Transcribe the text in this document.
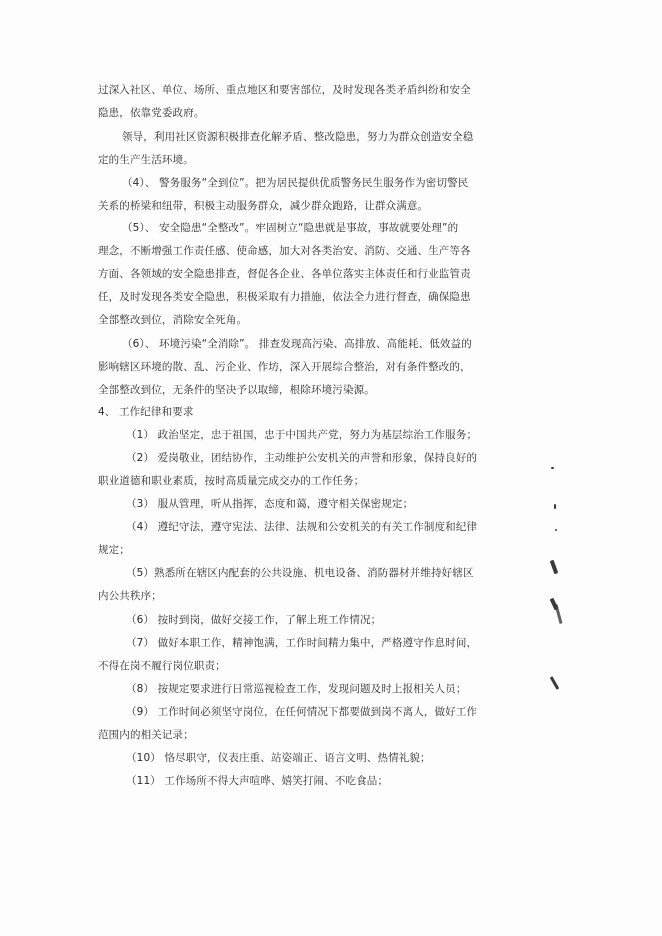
过深入社区、单位、场所、重点地区和要害部位，及时发现各类矛盾纠纷和安全
隐患，依靠党委政府。
领导，利用社区资源积极排查化解矛盾、整改隐患，努力为群众创造安全稳
定的生产生活环境。
（4）、 警务服务“全到位”。把为居民提供优质警务民生服务作为密切警民
关系的桥梁和纽带，积极主动服务群众，减少群众跑路，让群众满意。
（5）、 安全隐患“全整改”。牢固树立“隐患就是事故，事故就要处理”的
理念，不断增强工作责任感、使命感，加大对各类治安、消防、交通、生产等各
方面、各领域的安全隐患排查，督促各企业、各单位落实主体责任和行业监管责
任，及时发现各类安全隐患，积极采取有力措施，依法全力进行督查，确保隐患
全部整改到位，消除安全死角。
（6）、 环境污染“全消除”。 排查发现高污染、高排放、高能耗、低效益的
影响辖区环境的散、乱、污企业、作坊，深入开展综合整治，对有条件整改的，
全部整改到位，无条件的坚决予以取缔，根除环境污染源。
4、 工作纪律和要求
（1） 政治坚定，忠于祖国，忠于中国共产党，努力为基层综治工作服务；
（2） 爱岗敬业，团结协作，主动维护公安机关的声誉和形象，保持良好的
职业道德和职业素质，按时高质量完成交办的工作任务；
（3） 服从管理，听从指挥，态度和蔼，遵守相关保密规定；
（4） 遵纪守法，遵守宪法、法律、法规和公安机关的有关工作制度和纪律
规定；
（5）熟悉所在辖区内配套的公共设施、机电设备、消防器材并维持好辖区
内公共秩序；
（6） 按时到岗，做好交接工作，了解上班工作情况；
（7） 做好本职工作，精神饱满，工作时间精力集中，严格遵守作息时间，
不得在岗不履行岗位职责；
（8） 按规定要求进行日常巡视检查工作，发现问题及时上报相关人员；
（9） 工作时间必须坚守岗位，在任何情况下都要做到岗不离人，做好工作
范围内的相关记录；
（10） 恪尽职守，仪表庄重、站姿端正、语言文明、热情礼貌；
（11） 工作场所不得大声喧哗、嬉笑打闹、不吃食品；
